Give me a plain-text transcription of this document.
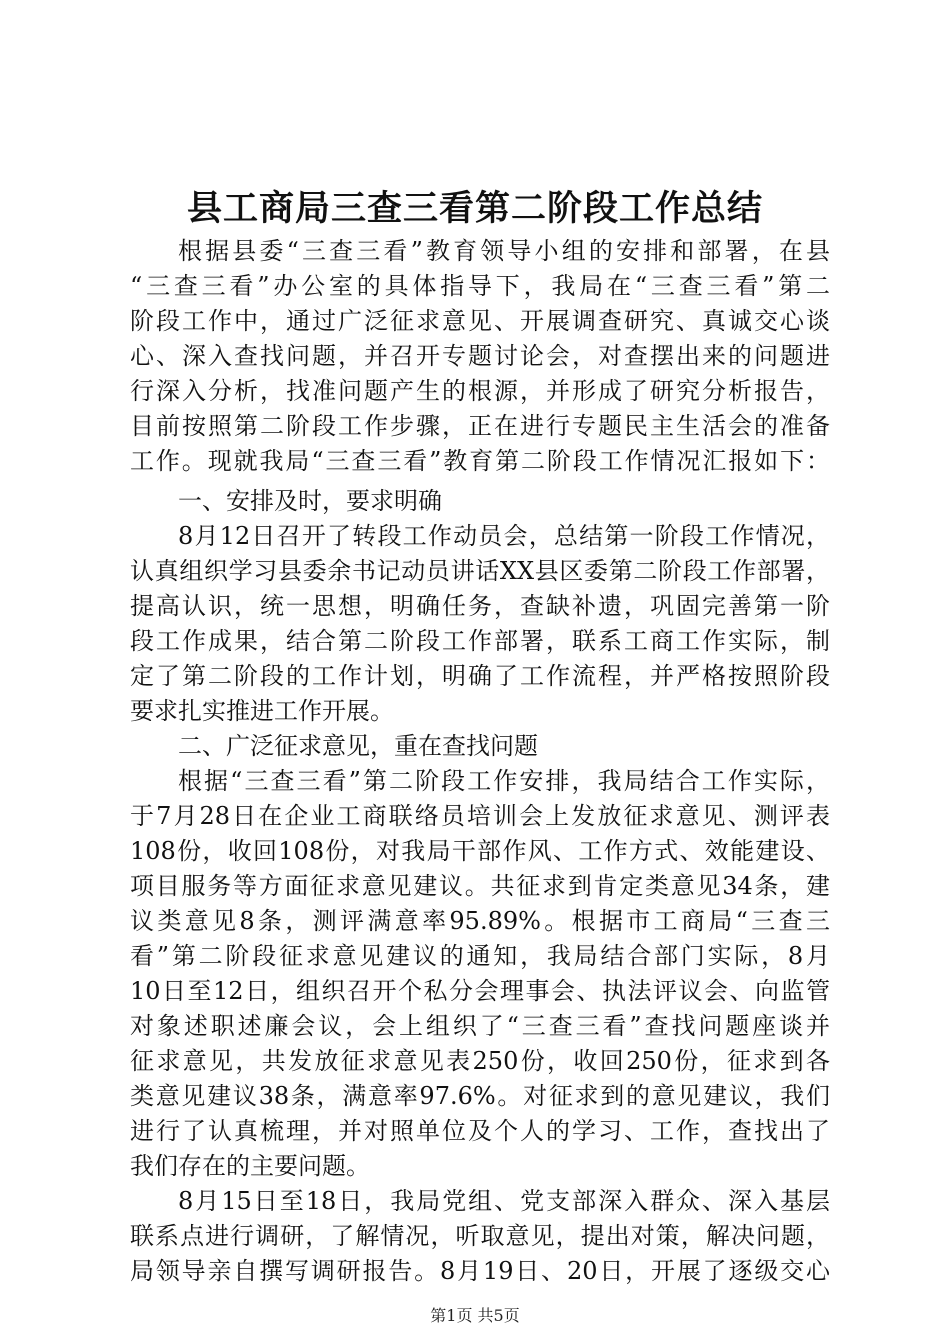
县工商局三查三看第二阶段工作总结

根据县委“三查三看”教育领导小组的安排和部署，在县

“三查三看”办公室的具体指导下，我局在“三查三看”第二

阶段工作中，通过广泛征求意见、开展调查研究、真诚交心谈

心、深入查找问题，并召开专题讨论会，对查摆出来的问题进

行深入分析，找准问题产生的根源，并形成了研究分析报告，

目前按照第二阶段工作步骤，正在进行专题民主生活会的准备

工作。现就我局“三查三看”教育第二阶段工作情况汇报如下：

一、安排及时，要求明确

8月12日召开了转段工作动员会，总结第一阶段工作情况，

认真组织学习县委余书记动员讲话XX县区委第二阶段工作部署，

提高认识，统一思想，明确任务，查缺补遗，巩固完善第一阶

段工作成果，结合第二阶段工作部署，联系工商工作实际，制

定了第二阶段的工作计划，明确了工作流程，并严格按照阶段

要求扎实推进工作开展。

二、广泛征求意见，重在查找问题

根据“三查三看”第二阶段工作安排，我局结合工作实际，

于7月28日在企业工商联络员培训会上发放征求意见、测评表

108份，收回108份，对我局干部作风、工作方式、效能建设、

项目服务等方面征求意见建议。共征求到肯定类意见34条，建

议类意见8条，测评满意率95.89%。根据市工商局“三查三

看”第二阶段征求意见建议的通知，我局结合部门实际，8月

10日至12日，组织召开个私分会理事会、执法评议会、向监管

对象述职述廉会议，会上组织了“三查三看”查找问题座谈并

征求意见，共发放征求意见表250份，收回250份，征求到各

类意见建议38条，满意率97.6%。对征求到的意见建议，我们

进行了认真梳理，并对照单位及个人的学习、工作，查找出了

我们存在的主要问题。

8月15日至18日，我局党组、党支部深入群众、深入基层

联系点进行调研，了解情况，听取意见，提出对策，解决问题，

局领导亲自撰写调研报告。8月19日、20日，开展了逐级交心

第1页 共5页
